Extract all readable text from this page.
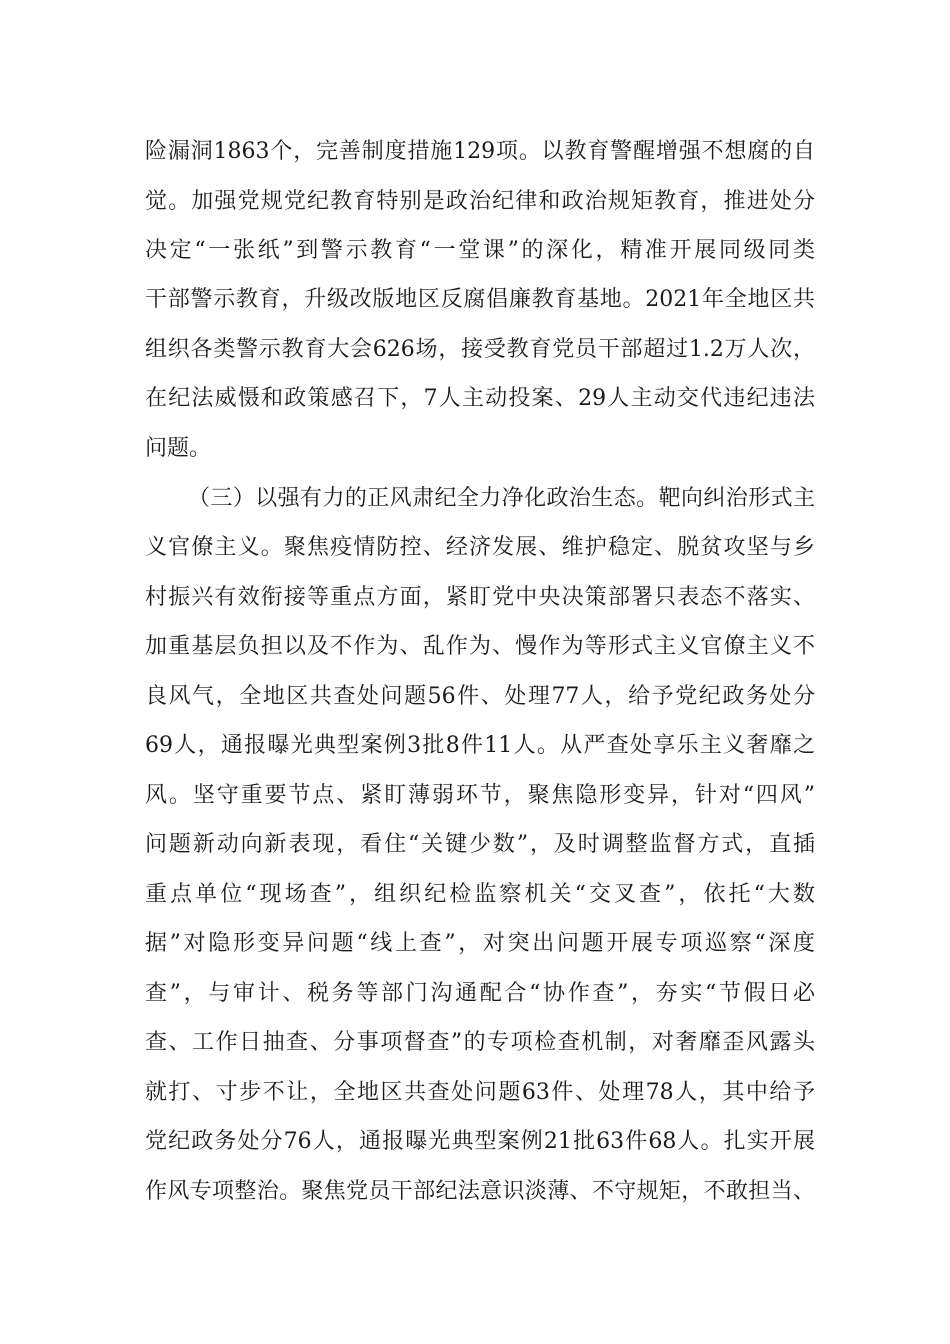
险漏洞1863个，完善制度措施129项。以教育警醒增强不想腐的自
觉。加强党规党纪教育特别是政治纪律和政治规矩教育，推进处分
决定“一张纸”到警示教育“一堂课”的深化，精准开展同级同类
干部警示教育，升级改版地区反腐倡廉教育基地。2021年全地区共
组织各类警示教育大会626场，接受教育党员干部超过1.2万人次，
在纪法威慑和政策感召下，7人主动投案、29人主动交代违纪违法
问题。
（三）以强有力的正风肃纪全力净化政治生态。靶向纠治形式主
义官僚主义。聚焦疫情防控、经济发展、维护稳定、脱贫攻坚与乡
村振兴有效衔接等重点方面，紧盯党中央决策部署只表态不落实、
加重基层负担以及不作为、乱作为、慢作为等形式主义官僚主义不
良风气，全地区共查处问题56件、处理77人，给予党纪政务处分
69人，通报曝光典型案例3批8件11人。从严查处享乐主义奢靡之
风。坚守重要节点、紧盯薄弱环节，聚焦隐形变异，针对“四风”
问题新动向新表现，看住“关键少数”，及时调整监督方式，直插
重点单位“现场查”，组织纪检监察机关“交叉查”，依托“大数
据”对隐形变异问题“线上查”，对突出问题开展专项巡察“深度
查”，与审计、税务等部门沟通配合“协作查”，夯实“节假日必
查、工作日抽查、分事项督查”的专项检查机制，对奢靡歪风露头
就打、寸步不让，全地区共查处问题63件、处理78人，其中给予
党纪政务处分76人，通报曝光典型案例21批63件68人。扎实开展
作风专项整治。聚焦党员干部纪法意识淡薄、不守规矩，不敢担当、
